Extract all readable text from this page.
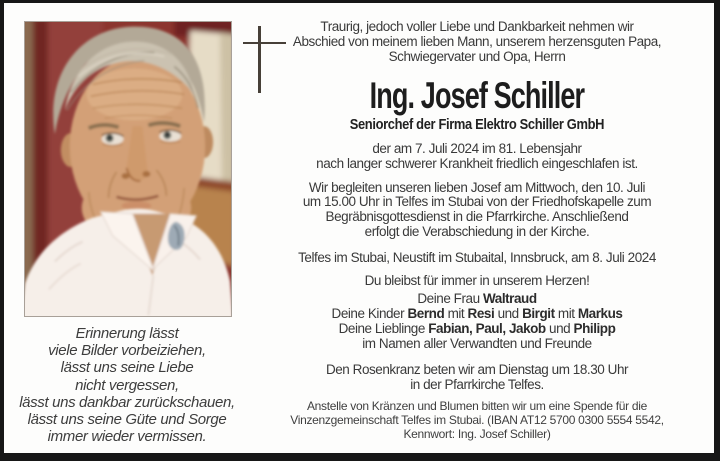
Erinnerung lässt
viele Bilder vorbeiziehen,
lässt uns seine Liebe
nicht vergessen,
lässt uns dankbar zurückschauen,
lässt uns seine Güte und Sorge
immer wieder vermissen.
Traurig, jedoch voller Liebe und Dankbarkeit nehmen wir
Abschied von meinem lieben Mann, unserem herzensguten Papa,
Schwiegervater und Opa, Herrn
Ing. Josef Schiller
Seniorchef der Firma Elektro Schiller GmbH
der am 7. Juli 2024 im 81. Lebensjahr
nach langer schwerer Krankheit friedlich eingeschlafen ist.
Wir begleiten unseren lieben Josef am Mittwoch, den 10. Juli
um 15.00 Uhr in Telfes im Stubai von der Friedhofskapelle zum
Begräbnisgottesdienst in die Pfarrkirche. Anschließend
erfolgt die Verabschiedung in der Kirche.
Telfes im Stubai, Neustift im Stubaital, Innsbruck, am 8. Juli 2024
Du bleibst für immer in unserem Herzen!
Deine Frau Waltraud
Deine Kinder Bernd mit Resi und Birgit mit Markus
Deine Lieblinge Fabian, Paul, Jakob und Philipp
im Namen aller Verwandten und Freunde
Den Rosenkranz beten wir am Dienstag um 18.30 Uhr
in der Pfarrkirche Telfes.
Anstelle von Kränzen und Blumen bitten wir um eine Spende für die
Vinzenzgemeinschaft Telfes im Stubai. (IBAN AT12 5700 0300 5554 5542,
Kennwort: Ing. Josef Schiller)
